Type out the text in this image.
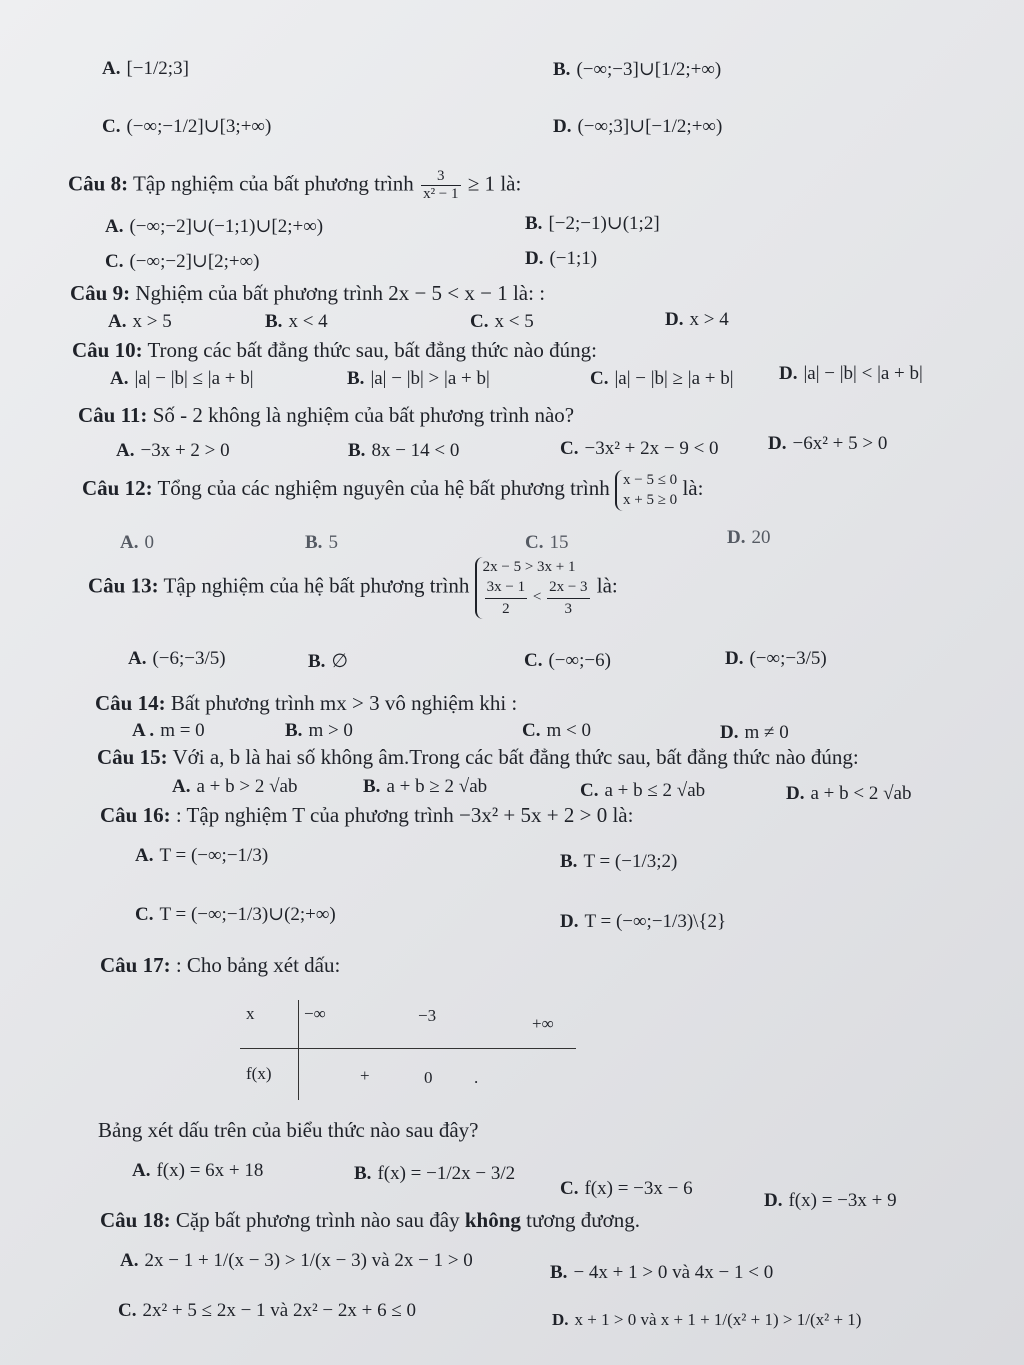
A. [−1/2;3]	B. (−∞;−3]∪[1/2;+∞)
C. (−∞;−1/2]∪[3;+∞)	D. (−∞;3]∪[−1/2;+∞)
Câu 8: Tập nghiệm của bất phương trình $\frac{3}{\text{x² − 1}} \ge 1$ là:
A. (−∞;−2]∪(−1;1)∪[2;+∞)	B. [−2;−1)∪(1;2]
C. (−∞;−2]∪[2;+∞)	D. (−1;1)
Câu 9: Nghiệm của bất phương trình 2x − 5 < x − 1 là: :
A. x > 5	B. x < 4	C. x < 5	D. x > 4
Câu 10: Trong các bất đẳng thức sau, bất đẳng thức nào đúng:
A. |a| − |b| ≤ |a + b|	B. |a| − |b| > |a + b|	C. |a| − |b| ≥ |a + b| D. |a| − |b| < |a + b|
Câu 11: Số - 2 không là nghiệm của bất phương trình nào?
A. −3x + 2 > 0	B. 8x − 14 < 0	C. −3x² + 2x − 9 < 0	D. −6x² + 5 > 0
Câu 12: Tổng của các nghiệm nguyên của hệ bất phương trình x − 5 ≤ 0
x + 5 ≥ 0
là:
A. 0	B. 5	C. 15	D. 20
Câu 13: Tập nghiệm của hệ bất phương trình
2x − 5 > 3x + 1
$\frac{3x - 1}{2} < \frac{2x - 3}{3}$ là:
A. (−6;−3/5)	B. ∅	C. (−∞;−6)	D. (−∞;−3/5)
Câu 14: Bất phương trình mx > 3 vô nghiệm khi :
A . m = 0	B. m > 0	C. m < 0	D. m ≠ 0
Câu 15: Với a, b là hai số không âm.Trong các bất đẳng thức sau, bất đẳng thức nào đúng:
A. a + b > 2 √ab	B. a + b ≥ 2 √ab	C. a + b ≤ 2 √ab	D. a + b < 2 √ab
Câu 16: : Tập nghiệm T của phương trình −3x² + 5x + 2 > 0 là:
A. T = (−∞;−1/3)	B. T = (−1/3;2)
C. T = (−∞;−1/3)∪(2;+∞)	D. T = (−∞;−1/3)\{2}
Câu 17: : Cho bảng xét dấu:
x	−∞	−3	+∞
f(x)	+	0 .
Bảng xét dấu trên của biểu thức nào sau đây?
A. f(x) = 6x + 18	B. f(x) = −1/2x − 3/2
C. f(x) = −3x − 6
D. f(x) = −3x + 9
Câu 18: Cặp bất phương trình nào sau đây không tương đương.
A. 2x − 1 + 1/(x − 3) > 1/(x − 3) và 2x − 1 > 0
B. − 4x + 1 > 0 và 4x − 1 < 0
C. 2x² + 5 ≤ 2x − 1 và 2x² − 2x + 6 ≤ 0	D. x + 1 > 0 và x + 1 + 1/(x² + 1) > 1/(x² + 1)
